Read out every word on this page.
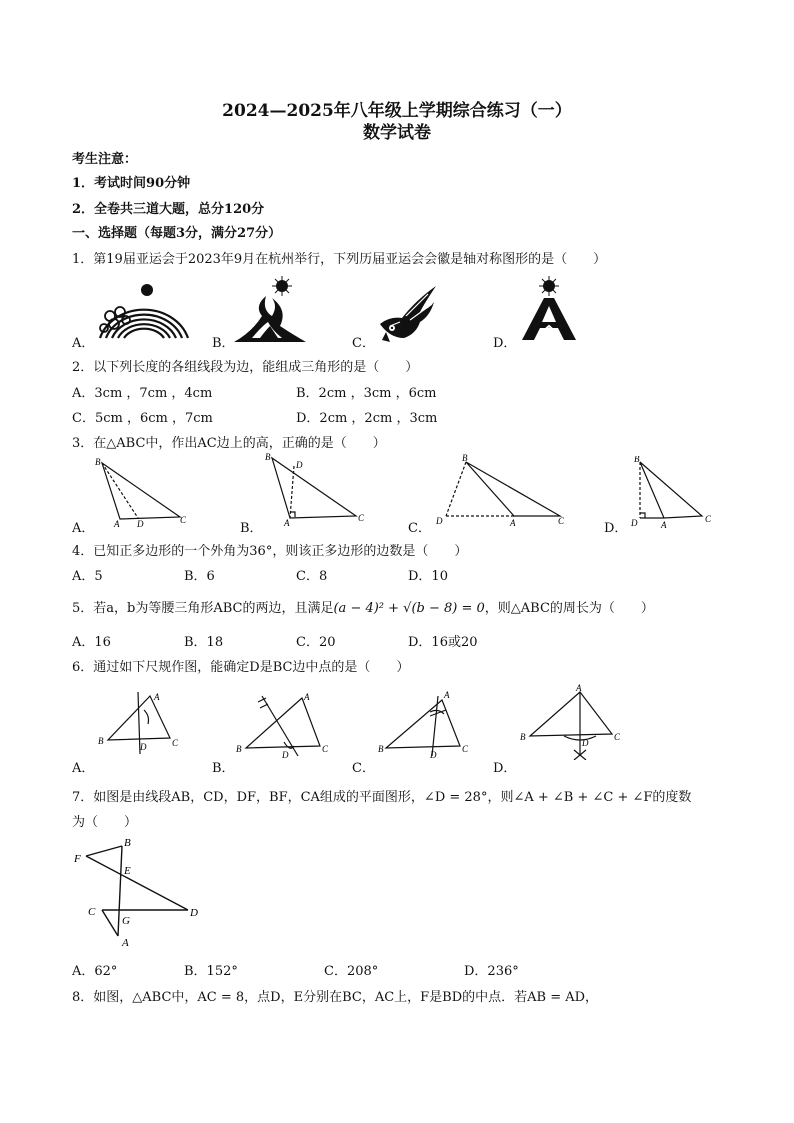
2024—2025年八年级上学期综合练习（一）
数学试卷
考生注意：
1．考试时间90分钟
2．全卷共三道大题，总分120分
一、选择题（每题3分，满分27分）
1．第19届亚运会于2023年9月在杭州举行，下列历届亚运会会徽是轴对称图形的是（　　）
A．	B．	C．	D．
2．以下列长度的各组线段为边，能组成三角形的是（　　）
A．3cm ，7cm ，4cm	B．2cm ，3cm ，6cm
C．5cm ，6cm ，7cm	D．2cm ，2cm ，3cm
3．在△ABC中，作出AC边上的高，正确的是（　　）
A．	B．	C．	D．
B
A D	C
B
D
A	C
B
D	A	C
B
D	A
C
4．已知正多边形的一个外角为36°，则该正多边形的边数是（　　）
A．5	B．6	C．8	D．10
5．若a，b为等腰三角形ABC的两边，且满足(a − 4)² + √(b − 8) = 0，则△ABC的周长为（　　）
A．16	B．18	C．20	D．16或20
6．通过如下尺规作图，能确定D是BC边中点的是（　　）
A．	B．	C．	D．
A
B
D	C
A
B
D
C
A
B
D
C
A
B
D
C
7．如图是由线段AB，CD，DF，BF，CA组成的平面图形，∠D = 28°，则∠A + ∠B + ∠C + ∠F的度数
为（　　）
F
B
E
C
G
D
A
A．62°	B．152°	C．208°	D．236°
8．如图，△ABC中，AC = 8，点D，E分别在BC，AC上，F是BD的中点．若AB = AD，
